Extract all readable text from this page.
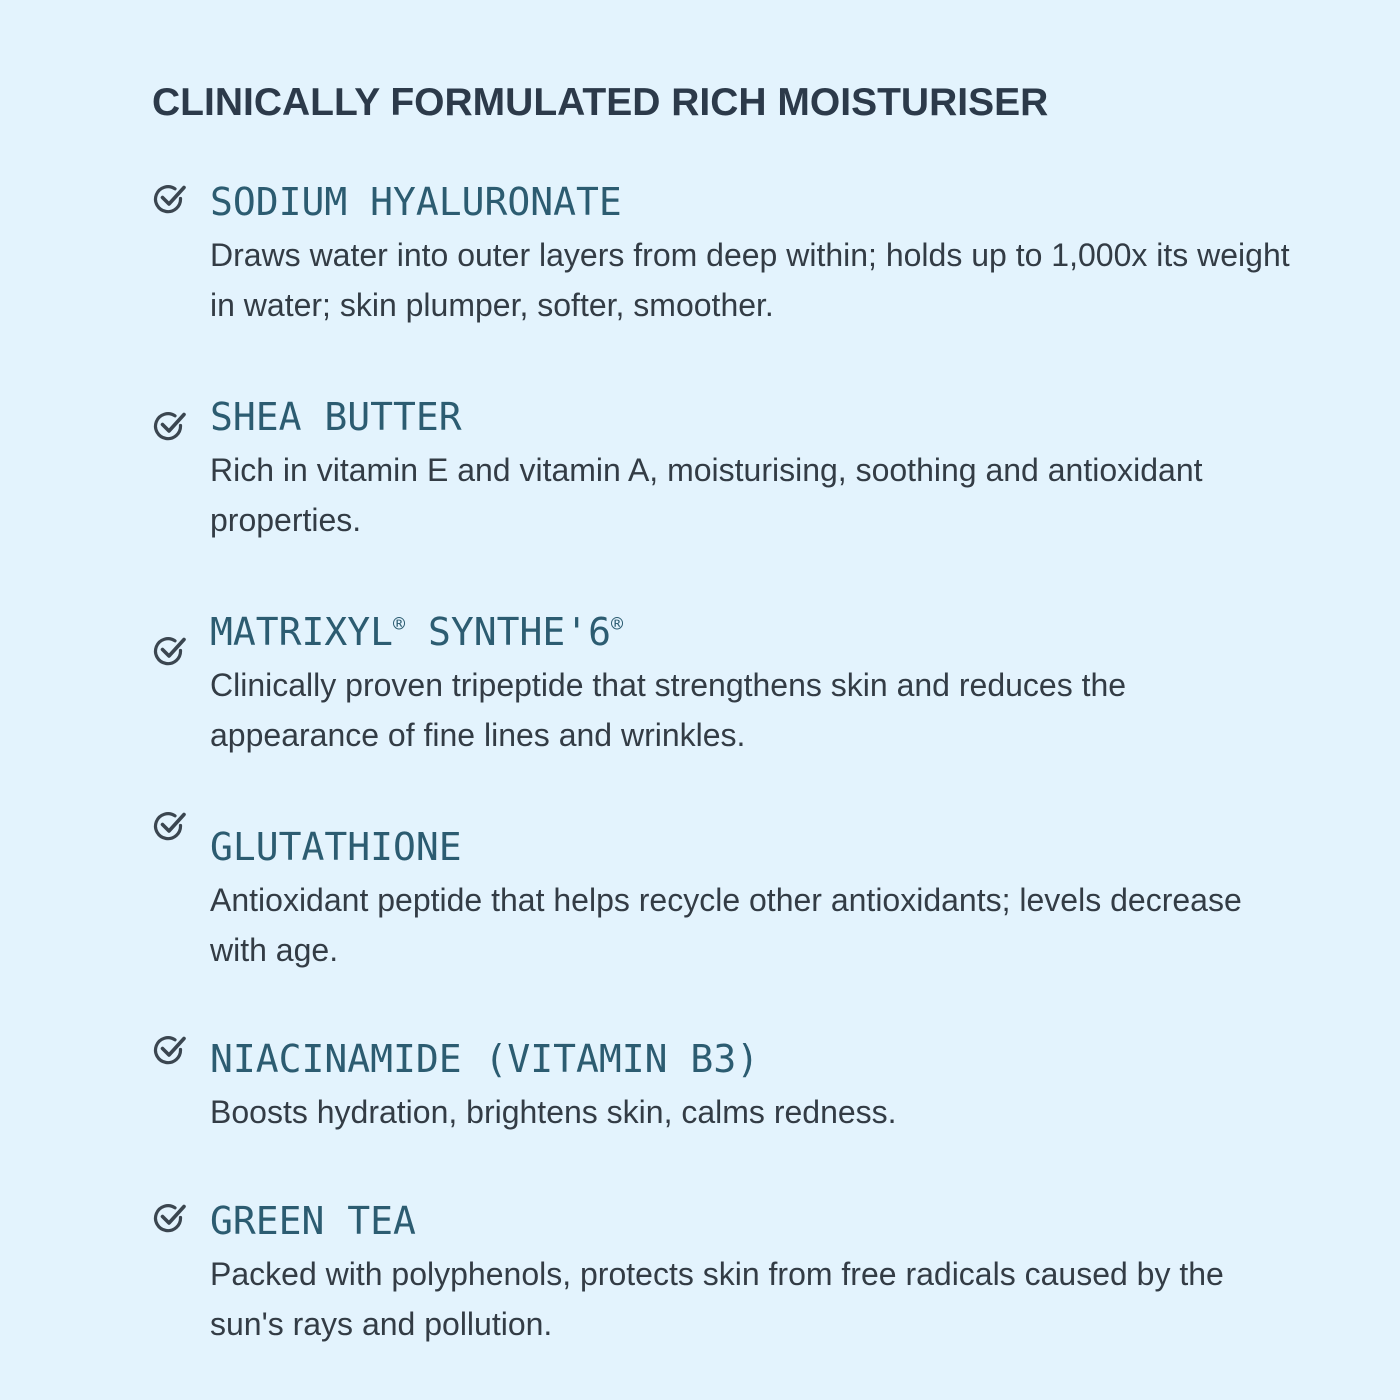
CLINICALLY FORMULATED RICH MOISTURISER
SODIUM HYALURONATE

Draws water into outer layers from deep within; holds up to 1,000x its weight in water; skin plumper, softer, smoother.

SHEA BUTTER

Rich in vitamin E and vitamin A, moisturising, soothing and antioxidant properties.

MATRIXYL® SYNTHE'6®

Clinically proven tripeptide that strengthens skin and reduces the appearance of fine lines and wrinkles.

GLUTATHIONE

Antioxidant peptide that helps recycle other antioxidants; levels decrease with age.

NIACINAMIDE (VITAMIN B3)

Boosts hydration, brightens skin, calms redness.

GREEN TEA

Packed with polyphenols, protects skin from free radicals caused by the sun's rays and pollution.
